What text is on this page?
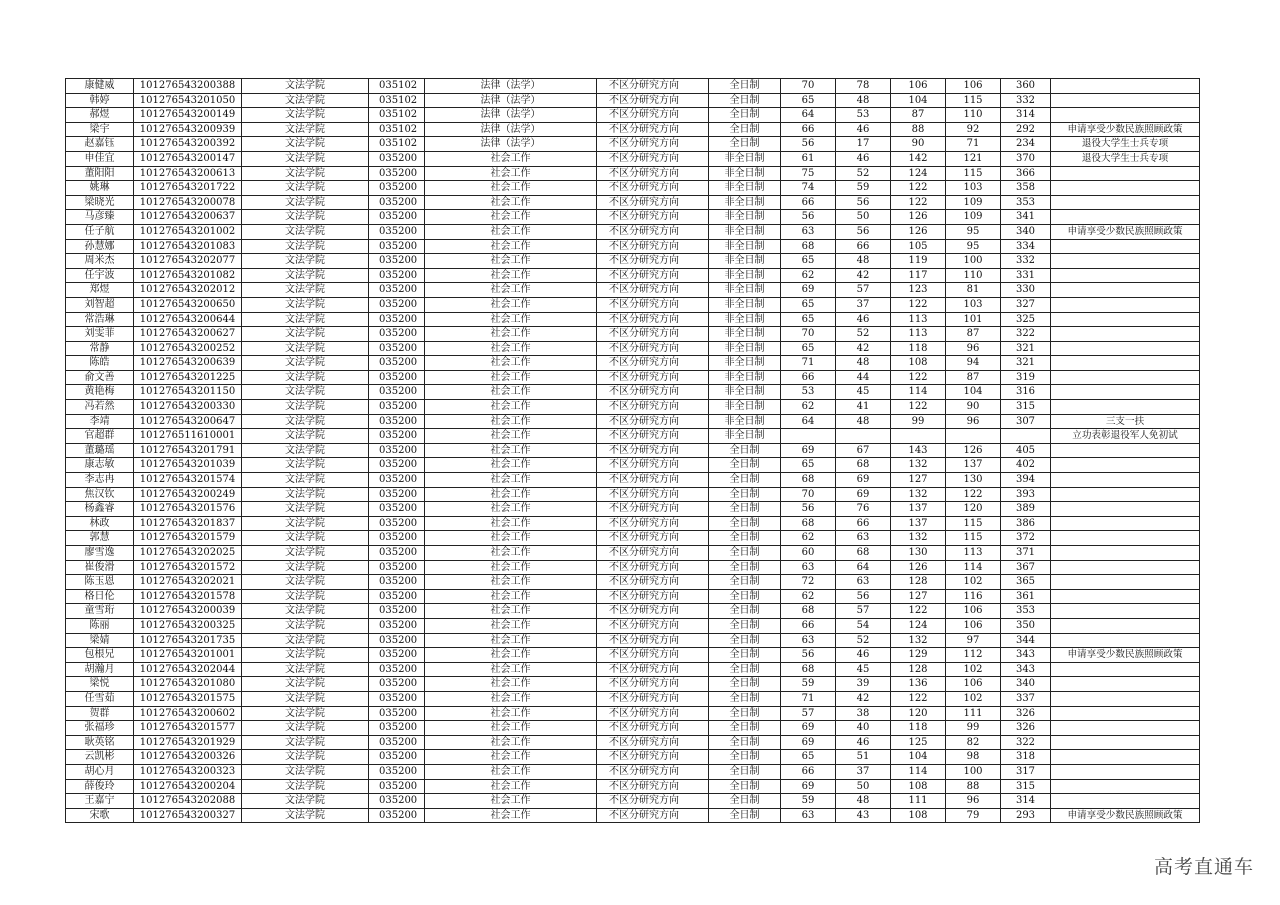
康健威	101276543200388	文法学院	035102	法律（法学）	不区分研究方向	全日制	70	78	106	106	360	
韩婷	101276543201050	文法学院	035102	法律（法学）	不区分研究方向	全日制	65	48	104	115	332	
郝煜	101276543200149	文法学院	035102	法律（法学）	不区分研究方向	全日制	64	53	87	110	314	
梁宇	101276543200939	文法学院	035102	法律（法学）	不区分研究方向	全日制	66	46	88	92	292	申请享受少数民族照顾政策
赵嘉钰	101276543200392	文法学院	035102	法律（法学）	不区分研究方向	全日制	56	17	90	71	234	退役大学生士兵专项
申佳宜	101276543200147	文法学院	035200	社会工作	不区分研究方向	非全日制	61	46	142	121	370	退役大学生士兵专项
董阳阳	101276543200613	文法学院	035200	社会工作	不区分研究方向	非全日制	75	52	124	115	366	
姚琳	101276543201722	文法学院	035200	社会工作	不区分研究方向	非全日制	74	59	122	103	358	
梁晓光	101276543200078	文法学院	035200	社会工作	不区分研究方向	非全日制	66	56	122	109	353	
马彦臻	101276543200637	文法学院	035200	社会工作	不区分研究方向	非全日制	56	50	126	109	341	
任子航	101276543201002	文法学院	035200	社会工作	不区分研究方向	非全日制	63	56	126	95	340	申请享受少数民族照顾政策
孙慧娜	101276543201083	文法学院	035200	社会工作	不区分研究方向	非全日制	68	66	105	95	334	
周米杰	101276543202077	文法学院	035200	社会工作	不区分研究方向	非全日制	65	48	119	100	332	
任宇波	101276543201082	文法学院	035200	社会工作	不区分研究方向	非全日制	62	42	117	110	331	
郑煜	101276543202012	文法学院	035200	社会工作	不区分研究方向	非全日制	69	57	123	81	330	
刘智超	101276543200650	文法学院	035200	社会工作	不区分研究方向	非全日制	65	37	122	103	327	
常浩琳	101276543200644	文法学院	035200	社会工作	不区分研究方向	非全日制	65	46	113	101	325	
刘雯菲	101276543200627	文法学院	035200	社会工作	不区分研究方向	非全日制	70	52	113	87	322	
常静	101276543200252	文法学院	035200	社会工作	不区分研究方向	非全日制	65	42	118	96	321	
陈皓	101276543200639	文法学院	035200	社会工作	不区分研究方向	非全日制	71	48	108	94	321	
俞文善	101276543201225	文法学院	035200	社会工作	不区分研究方向	非全日制	66	44	122	87	319	
黄艳梅	101276543201150	文法学院	035200	社会工作	不区分研究方向	非全日制	53	45	114	104	316	
冯若然	101276543200330	文法学院	035200	社会工作	不区分研究方向	非全日制	62	41	122	90	315	
李靖	101276543200647	文法学院	035200	社会工作	不区分研究方向	非全日制	64	48	99	96	307	三支一扶
官超群	101276511610001	文法学院	035200	社会工作	不区分研究方向	非全日制						立功表彰退役军人免初试
董璐瑶	101276543201791	文法学院	035200	社会工作	不区分研究方向	全日制	69	67	143	126	405	
康志敏	101276543201039	文法学院	035200	社会工作	不区分研究方向	全日制	65	68	132	137	402	
李志冉	101276543201574	文法学院	035200	社会工作	不区分研究方向	全日制	68	69	127	130	394	
焦汉钦	101276543200249	文法学院	035200	社会工作	不区分研究方向	全日制	70	69	132	122	393	
杨鑫睿	101276543201576	文法学院	035200	社会工作	不区分研究方向	全日制	56	76	137	120	389	
林政	101276543201837	文法学院	035200	社会工作	不区分研究方向	全日制	68	66	137	115	386	
郭慧	101276543201579	文法学院	035200	社会工作	不区分研究方向	全日制	62	63	132	115	372	
廖雪逸	101276543202025	文法学院	035200	社会工作	不区分研究方向	全日制	60	68	130	113	371	
崔俊滑	101276543201572	文法学院	035200	社会工作	不区分研究方向	全日制	63	64	126	114	367	
陈玉恩	101276543202021	文法学院	035200	社会工作	不区分研究方向	全日制	72	63	128	102	365	
格日伦	101276543201578	文法学院	035200	社会工作	不区分研究方向	全日制	62	56	127	116	361	
童雪珩	101276543200039	文法学院	035200	社会工作	不区分研究方向	全日制	68	57	122	106	353	
陈丽	101276543200325	文法学院	035200	社会工作	不区分研究方向	全日制	66	54	124	106	350	
梁婧	101276543201735	文法学院	035200	社会工作	不区分研究方向	全日制	63	52	132	97	344	
包根兄	101276543201001	文法学院	035200	社会工作	不区分研究方向	全日制	56	46	129	112	343	申请享受少数民族照顾政策
胡瀚月	101276543202044	文法学院	035200	社会工作	不区分研究方向	全日制	68	45	128	102	343	
梁悦	101276543201080	文法学院	035200	社会工作	不区分研究方向	全日制	59	39	136	106	340	
任雪茹	101276543201575	文法学院	035200	社会工作	不区分研究方向	全日制	71	42	122	102	337	
贺群	101276543200602	文法学院	035200	社会工作	不区分研究方向	全日制	57	38	120	111	326	
张福珍	101276543201577	文法学院	035200	社会工作	不区分研究方向	全日制	69	40	118	99	326	
耿英铭	101276543201929	文法学院	035200	社会工作	不区分研究方向	全日制	69	46	125	82	322	
云凯彬	101276543200326	文法学院	035200	社会工作	不区分研究方向	全日制	65	51	104	98	318	
胡心月	101276543200323	文法学院	035200	社会工作	不区分研究方向	全日制	66	37	114	100	317	
薛俊玲	101276543200204	文法学院	035200	社会工作	不区分研究方向	全日制	69	50	108	88	315	
王嘉宁	101276543202088	文法学院	035200	社会工作	不区分研究方向	全日制	59	48	111	96	314	
宋歌	101276543200327	文法学院	035200	社会工作	不区分研究方向	全日制	63	43	108	79	293	申请享受少数民族照顾政策
高考直通车
